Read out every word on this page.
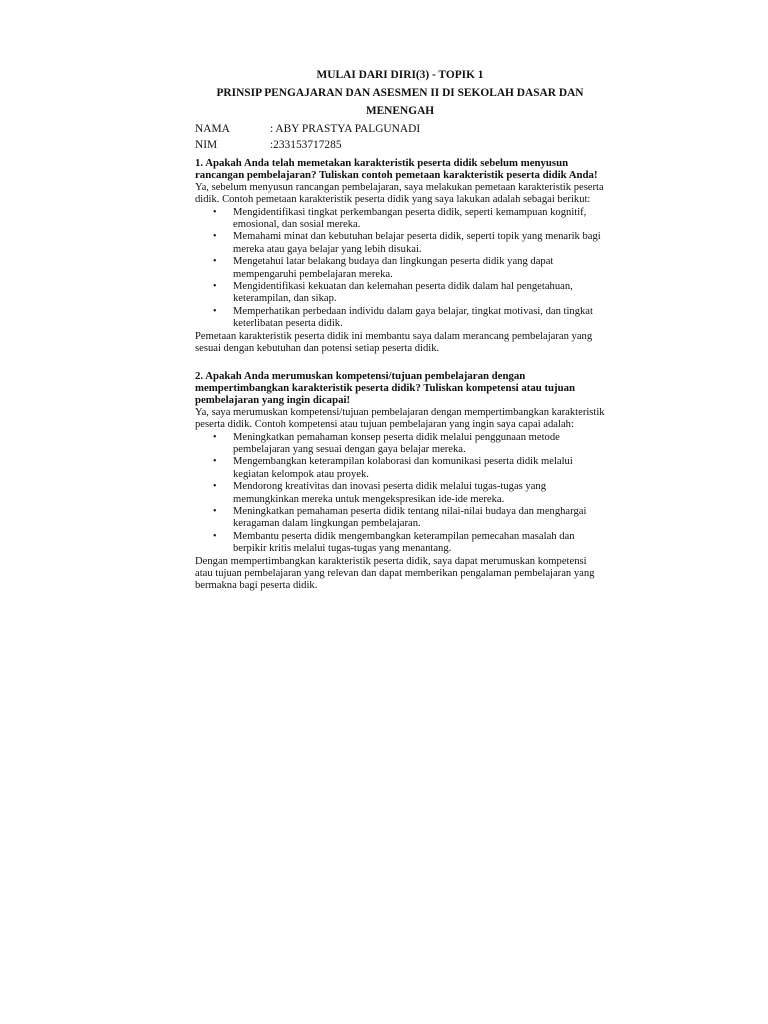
MULAI DARI DIRI(3) - TOPIK 1
PRINSIP PENGAJARAN DAN ASESMEN II DI SEKOLAH DASAR DAN
MENENGAH
NAMA	: ABY PRASTYA PALGUNADI
NIM	:233153717285
1. Apakah Anda telah memetakan karakteristik peserta didik sebelum menyusun rancangan pembelajaran? Tuliskan contoh pemetaan karakteristik peserta didik Anda!

Ya, sebelum menyusun rancangan pembelajaran, saya melakukan pemetaan karakteristik peserta didik. Contoh pemetaan karakteristik peserta didik yang saya lakukan adalah sebagai berikut:

• Mengidentifikasi tingkat perkembangan peserta didik, seperti kemampuan kognitif, emosional, dan sosial mereka.
• Memahami minat dan kebutuhan belajar peserta didik, seperti topik yang menarik bagi mereka atau gaya belajar yang lebih disukai.
• Mengetahui latar belakang budaya dan lingkungan peserta didik yang dapat mempengaruhi pembelajaran mereka.
• Mengidentifikasi kekuatan dan kelemahan peserta didik dalam hal pengetahuan, keterampilan, dan sikap.
• Memperhatikan perbedaan individu dalam gaya belajar, tingkat motivasi, dan tingkat keterlibatan peserta didik.

Pemetaan karakteristik peserta didik ini membantu saya dalam merancang pembelajaran yang sesuai dengan kebutuhan dan potensi setiap peserta didik.

2. Apakah Anda merumuskan kompetensi/tujuan pembelajaran dengan mempertimbangkan karakteristik peserta didik? Tuliskan kompetensi atau tujuan pembelajaran yang ingin dicapai!

Ya, saya merumuskan kompetensi/tujuan pembelajaran dengan mempertimbangkan karakteristik peserta didik. Contoh kompetensi atau tujuan pembelajaran yang ingin saya capai adalah:

• Meningkatkan pemahaman konsep peserta didik melalui penggunaan metode pembelajaran yang sesuai dengan gaya belajar mereka.
• Mengembangkan keterampilan kolaborasi dan komunikasi peserta didik melalui kegiatan kelompok atau proyek.
• Mendorong kreativitas dan inovasi peserta didik melalui tugas-tugas yang memungkinkan mereka untuk mengekspresikan ide-ide mereka.
• Meningkatkan pemahaman peserta didik tentang nilai-nilai budaya dan menghargai keragaman dalam lingkungan pembelajaran.
• Membantu peserta didik mengembangkan keterampilan pemecahan masalah dan berpikir kritis melalui tugas-tugas yang menantang.

Dengan mempertimbangkan karakteristik peserta didik, saya dapat merumuskan kompetensi atau tujuan pembelajaran yang relevan dan dapat memberikan pengalaman pembelajaran yang bermakna bagi peserta didik.
